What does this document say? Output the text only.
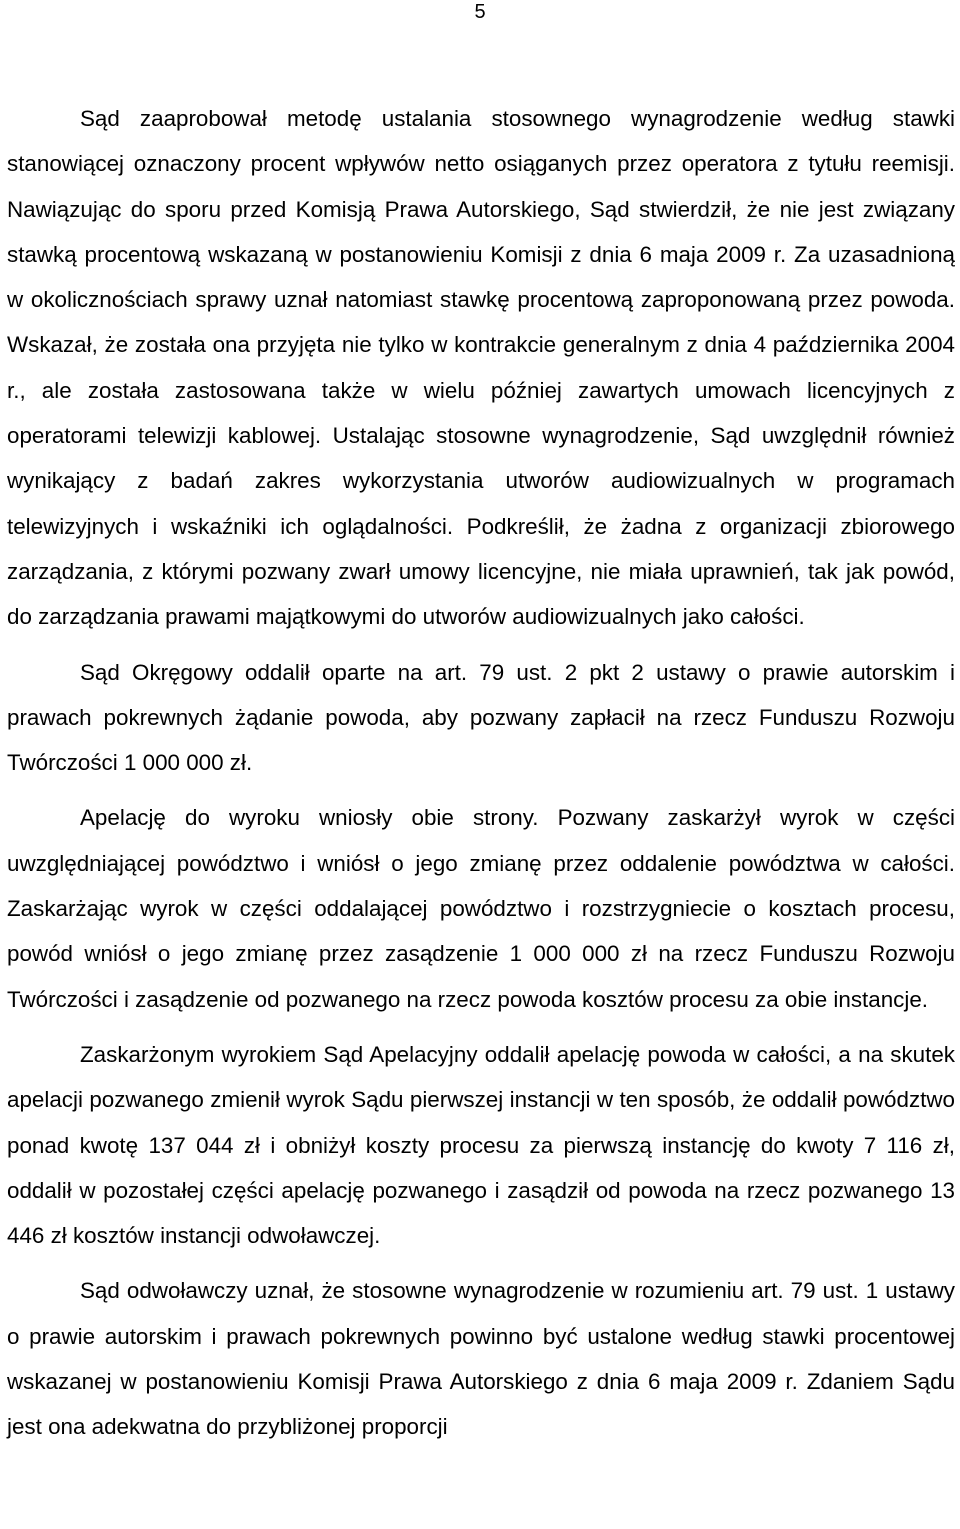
5

Sąd zaaprobował metodę ustalania stosownego wynagrodzenie według stawki stanowiącej oznaczony procent wpływów netto osiąganych przez operatora z tytułu reemisji. Nawiązując do sporu przed Komisją Prawa Autorskiego, Sąd stwierdził, że nie jest związany stawką procentową wskazaną w postanowieniu Komisji z dnia 6 maja 2009 r. Za uzasadnioną w okolicznościach sprawy uznał natomiast stawkę procentową zaproponowaną przez powoda. Wskazał, że została ona przyjęta nie tylko w kontrakcie generalnym z dnia 4 października 2004 r., ale została zastosowana także w wielu później zawartych umowach licencyjnych z operatorami telewizji kablowej. Ustalając stosowne wynagrodzenie, Sąd uwzględnił również wynikający z badań zakres wykorzystania utworów audiowizualnych w programach telewizyjnych i wskaźniki ich oglądalności. Podkreślił, że żadna z organizacji zbiorowego zarządzania, z którymi pozwany zwarł umowy licencyjne, nie miała uprawnień, tak jak powód, do zarządzania prawami majątkowymi do utworów audiowizualnych jako całości.

Sąd Okręgowy oddalił oparte na art. 79 ust. 2 pkt 2 ustawy o prawie autorskim i prawach pokrewnych żądanie powoda, aby pozwany zapłacił na rzecz Funduszu Rozwoju Twórczości 1 000 000 zł.

Apelację do wyroku wniosły obie strony. Pozwany zaskarżył wyrok w części uwzględniającej powództwo i wniósł o jego zmianę przez oddalenie powództwa w całości. Zaskarżając wyrok w części oddalającej powództwo i rozstrzygniecie o kosztach procesu, powód wniósł o jego zmianę przez zasądzenie 1 000 000 zł na rzecz Funduszu Rozwoju Twórczości i zasądzenie od pozwanego na rzecz powoda kosztów procesu za obie instancje.

Zaskarżonym wyrokiem Sąd Apelacyjny oddalił apelację powoda w całości, a na skutek apelacji pozwanego zmienił wyrok Sądu pierwszej instancji w ten sposób, że oddalił powództwo ponad kwotę 137 044 zł i obniżył koszty procesu za pierwszą instancję do kwoty 7 116 zł, oddalił w pozostałej części apelację pozwanego i zasądził od powoda na rzecz pozwanego 13 446 zł kosztów instancji odwoławczej.

Sąd odwoławczy uznał, że stosowne wynagrodzenie w rozumieniu art. 79 ust. 1 ustawy o prawie autorskim i prawach pokrewnych powinno być ustalone według stawki procentowej wskazanej w postanowieniu Komisji Prawa Autorskiego z dnia 6 maja 2009 r. Zdaniem Sądu jest ona adekwatna do przybliżonej proporcji
